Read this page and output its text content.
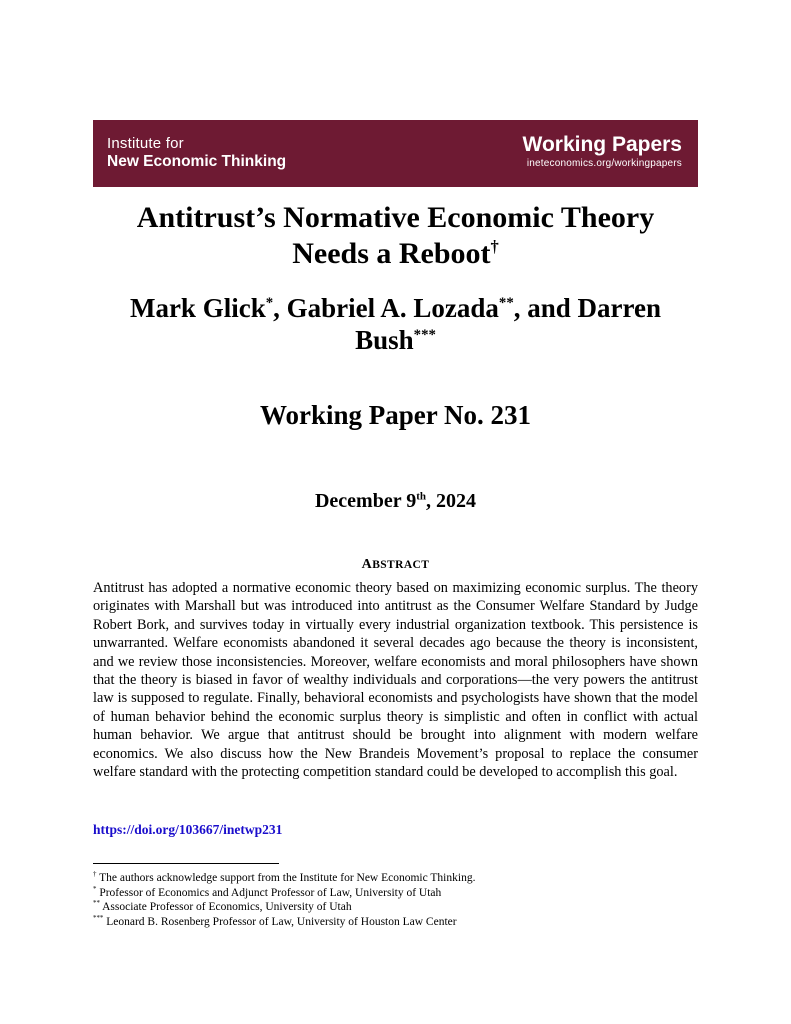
Institute for
New Economic Thinking
Working Papers
ineteconomics.org/workingpapers
Antitrust’s Normative Economic Theory
Needs a Reboot†
Mark Glick*, Gabriel A. Lozada**, and Darren
Bush***
Working Paper No. 231
December 9th, 2024
ABSTRACT
Antitrust has adopted a normative economic theory based on maximizing economic surplus. The theory originates with Marshall but was introduced into antitrust as the Consumer Welfare Standard by Judge Robert Bork, and survives today in virtually every industrial organization textbook. This persistence is unwarranted. Welfare economists abandoned it several decades ago because the theory is inconsistent, and we review those inconsistencies. Moreover, welfare economists and moral philosophers have shown that the theory is biased in favor of wealthy individuals and corporations—the very powers the antitrust law is supposed to regulate. Finally, behavioral economists and psychologists have shown that the model of human behavior behind the economic surplus theory is simplistic and often in conflict with actual human behavior. We argue that antitrust should be brought into alignment with modern welfare economics. We also discuss how the New Brandeis Movement’s proposal to replace the consumer welfare standard with the protecting competition standard could be developed to accomplish this goal.
https://doi.org/103667/inetwp231
† The authors acknowledge support from the Institute for New Economic Thinking.
* Professor of Economics and Adjunct Professor of Law, University of Utah
** Associate Professor of Economics, University of Utah
*** Leonard B. Rosenberg Professor of Law, University of Houston Law Center
